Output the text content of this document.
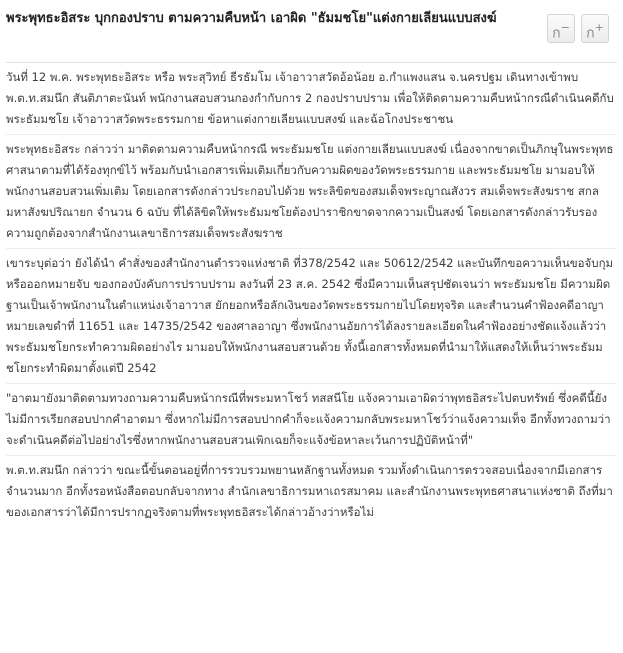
พระพุทธะอิสระ บุกกองปราบ ตามความคืบหน้า เอาผิด "ธัมมชโย"แต่งกายเลียนแบบสงฆ์
ก−	ก+

วันที่ 12 พ.ค. พระพุทธะอิสระ หรือ พระสุวิทย์ ธีรธัมโม เจ้าอาวาสวัดอ้อน้อย อ.กำแพงแสน จ.นครปฐม เดินทางเข้าพบ พ.ต.ท.สมนึก สันติภาตะนันท์ พนักงานสอบสวนกองกำกับการ 2 กองปราบปราม เพื่อให้ติดตามความคืบหน้ากรณีดำเนินคดีกับ พระธัมมชโย เจ้าอาวาสวัดพระธรรมกาย ข้อหาแต่งกายเลียนแบบสงฆ์ และฉ้อโกงประชาชน

พระพุทธะอิสระ กล่าวว่า มาติดตามความคืบหน้ากรณี พระธัมมชโย แต่งกายเลียนแบบสงฆ์ เนื่องจากขาดเป็นภิกษุในพระพุทธศาสนาตามที่ได้ร้องทุกข์ไว้ พร้อมกับนำเอกสารเพิ่มเติมเกี่ยวกับความผิดของวัดพระธรรมกาย และพระธัมมชโย มามอบให้พนักงานสอบสวนเพิ่มเติม โดยเอกสารดังกล่าวประกอบไปด้วย พระลิขิตของสมเด็จพระญาณสังวร สมเด็จพระสังฆราช สกลมหาสังฆปริณายก จำนวน 6 ฉบับ ที่ได้ลิขิตให้พระธัมมชโยต้องปาราชิกขาดจากความเป็นสงฆ์ โดยเอกสารดังกล่าวรับรองความถูกต้องจากสำนักงานเลขาธิการสมเด็จพระสังฆราช

เขาระบุต่อว่า ยังได้นำ คำสั่งของสำนักงานตำรวจแห่งชาติ ที่378/2542 และ 50612/2542 และบันทึกขอความเห็นขอจับกุมหรือออกหมายจับ ของกองบังคับการปราบปราม ลงวันที่ 23 ส.ค. 2542 ซึ่งมีความเห็นสรุปชัดเจนว่า พระธัมมชโย มีความผิดฐานเป็นเจ้าพนักงานในตำแหน่งเจ้าอาวาส ยักยอกหรือลักเงินของวัดพระธรรมกายไปโดยทุจริต และสำนวนคำฟ้องคดีอาญาหมายเลขดำที่ 11651 และ 14735/2542 ของศาลอาญา ซึ่งพนักงานอัยการได้ลงรายละเอียดในคำฟ้องอย่างชัดแจ้งแล้วว่าพระธัมมชโยกระทำความผิดอย่างไร มามอบให้พนักงานสอบสวนด้วย ทั้งนี้เอกสารทั้งหมดที่นำมาให้แสดงให้เห็นว่าพระธัมมชโยกระทำผิดมาตั้งแต่ปี 2542

"อาตมายังมาติดตามทวงถามความคืบหน้ากรณีที่พระมหาโชว์ ทสสนีโย แจ้งความเอาผิดว่าพุทธอิสระไปตบทรัพย์ ซึ่งคดีนี้ยังไม่มีการเรียกสอบปากคำอาตมา ซึ่งหากไม่มีการสอบปากคำก็จะแจ้งความกลับพระมหาโชว์ว่าแจ้งความเท็จ อีกทั้งทวงถามว่าจะดำเนินคดีต่อไปอย่างไรซึ่งหากพนักงานสอบสวนเพิกเฉยก็จะแจ้งข้อหาละเว้นการปฏิบัติหน้าที่"

พ.ต.ท.สมนึก กล่าวว่า ขณะนี้ขั้นตอนอยู่ที่การรวบรวมพยานหลักฐานทั้งหมด รวมทั้งดำเนินการตรวจสอบเนื่องจากมีเอกสารจำนวนมาก อีกทั้งรอหนังสือตอบกลับจากทาง สำนักเลขาธิการมหาเถรสมาคม และสำนักงานพระพุทธศาสนาแห่งชาติ ถึงที่มาของเอกสารว่าได้มีการปรากฏจริงตามที่พระพุทธอิสระได้กล่าวอ้างว่าหรือไม่
